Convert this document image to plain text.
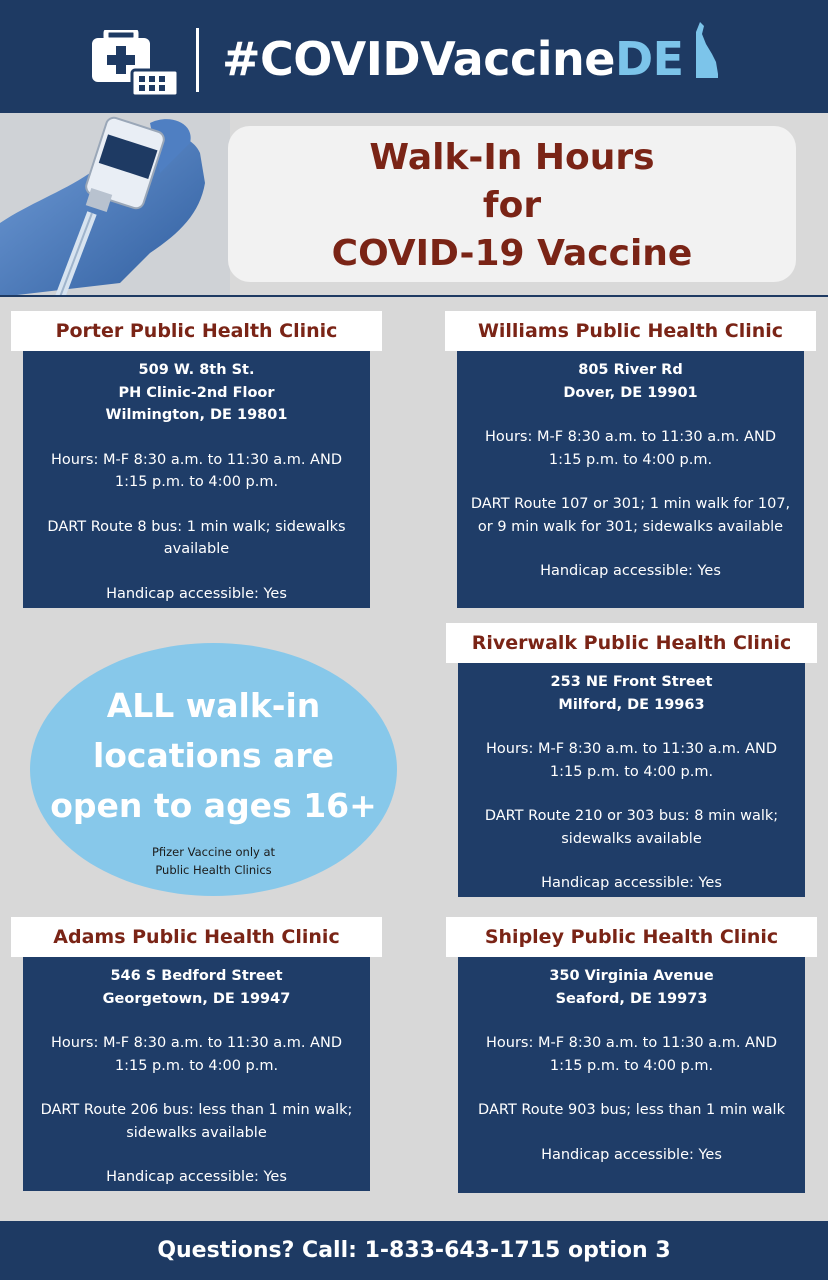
#COVIDVaccineDE
Walk-In Hours
for
COVID-19 Vaccine
Porter Public Health Clinic

509 W. 8th St.
PH Clinic-2nd Floor
Wilmington, DE 19801

Hours: M-F 8:30 a.m. to 11:30 a.m. AND 1:15 p.m. to 4:00 p.m.

DART Route 8 bus: 1 min walk; sidewalks available

Handicap accessible: Yes

Williams Public Health Clinic

805 River Rd
Dover, DE 19901

Hours: M-F 8:30 a.m. to 11:30 a.m. AND 1:15 p.m. to 4:00 p.m.

DART Route 107 or 301; 1 min walk for 107, or 9 min walk for 301; sidewalks available

Handicap accessible: Yes

Riverwalk Public Health Clinic

253 NE Front Street
Milford, DE 19963

Hours: M-F 8:30 a.m. to 11:30 a.m. AND 1:15 p.m. to 4:00 p.m.

DART Route 210 or 303 bus: 8 min walk; sidewalks available

Handicap accessible: Yes

ALL walk-in
locations are
open to ages 16+
Pfizer Vaccine only at
Public Health Clinics
Adams Public Health Clinic

546 S Bedford Street
Georgetown, DE 19947

Hours: M-F 8:30 a.m. to 11:30 a.m. AND 1:15 p.m. to 4:00 p.m.

DART Route 206 bus: less than 1 min walk; sidewalks available

Handicap accessible: Yes

Shipley Public Health Clinic

350 Virginia Avenue
Seaford, DE 19973

Hours: M-F 8:30 a.m. to 11:30 a.m. AND 1:15 p.m. to 4:00 p.m.

DART Route 903 bus; less than 1 min walk

Handicap accessible: Yes

Questions? Call: 1-833-643-1715 option 3
